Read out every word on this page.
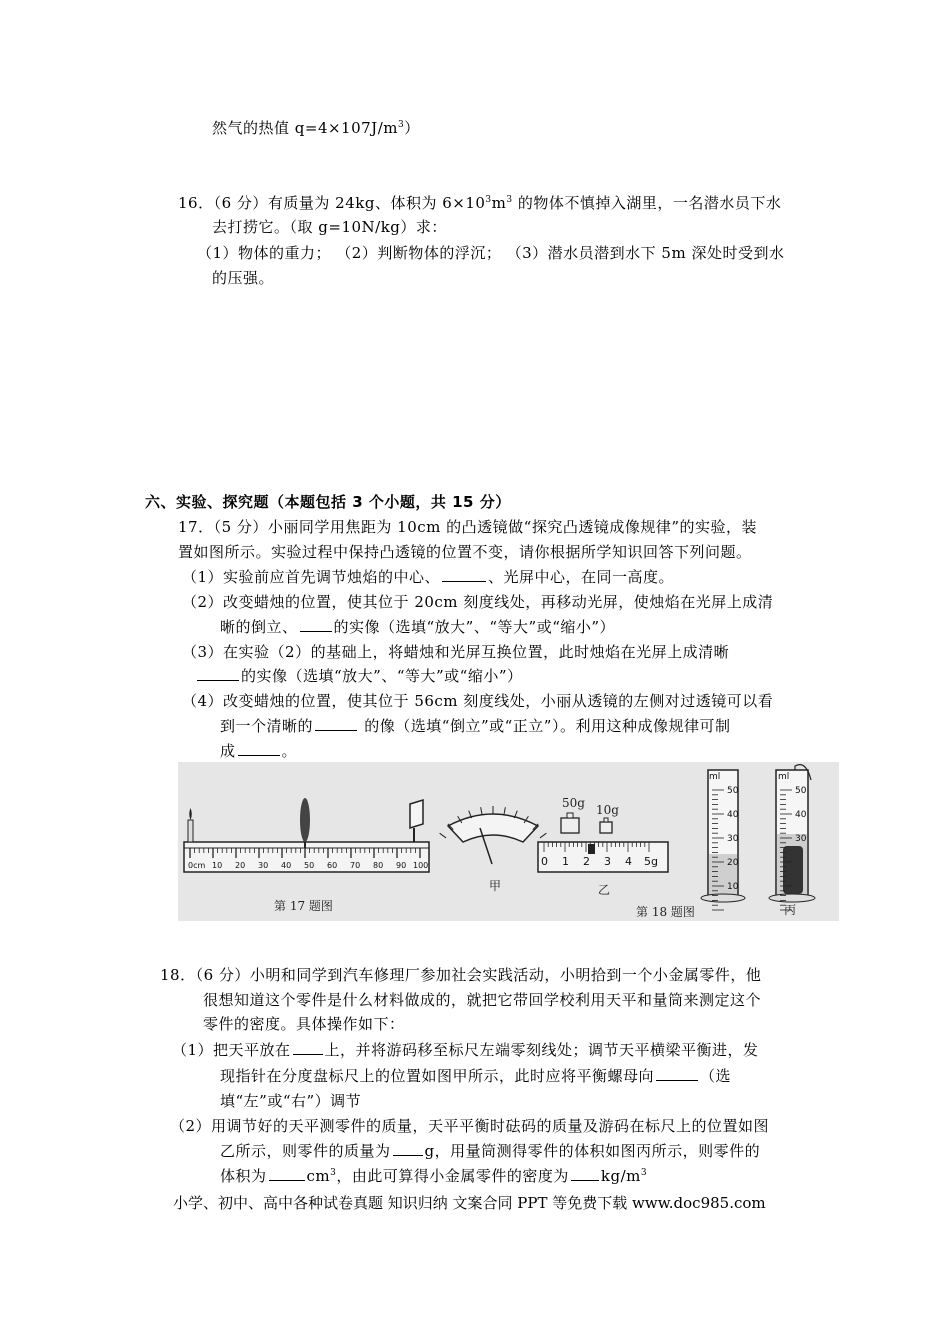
然气的热值 $q=4\times 107J/m^3$）
16．（6 分）有质量为 24kg、体积为 $6\times 10^3m^3$ 的物体不慎掉入湖里，一名潜水员下水
去打捞它。（取 g=10N/kg）求：
（1）物体的重力； （2）判断物体的浮沉； （3）潜水员潜到水下 5m 深处时受到水
的压强。
六、实验、探究题（本题包括 3 个小题，共 15 分）
17．（5 分）小丽同学用焦距为 10cm 的凸透镜做“探究凸透镜成像规律”的实验，装
置如图所示。实验过程中保持凸透镜的位置不变，请你根据所学知识回答下列问题。
（1）实验前应首先调节烛焰的中心、	、光屏中心，在同一高度。
（2）改变蜡烛的位置，使其位于 20cm 刻度线处，再移动光屏，使烛焰在光屏上成清
晰的倒立、 的实像（选填“放大”、“等大”或“缩小”）
（3）在实验（2）的基础上，将蜡烛和光屏互换位置，此时烛焰在光屏上成清晰
的实像（选填“放大”、“等大”或“缩小”）
（4）改变蜡烛的位置，使其位于 56cm 刻度线处，小丽从透镜的左侧对过透镜可以看
到一个清晰的	的像（选填“倒立”或“正立”）。利用这种成像规律可制
成	。
0cm 10 20 30 40 50 60 70 80 90 100
第 17 题图
甲
50g 10g
0 1 2 3 4 5g
乙
第 18 题图
ml
50
40
30
20
10
ml
50
40
30
丙
18．（6 分）小明和同学到汽车修理厂参加社会实践活动，小明拾到一个小金属零件，他
很想知道这个零件是什么材料做成的，就把它带回学校利用天平和量筒来测定这个
零件的密度。具体操作如下：
（1）把天平放在 上，并将游码移至标尺左端零刻线处；调节天平横梁平衡进，发
现指针在分度盘标尺上的位置如图甲所示，此时应将平衡螺母向	（选
填“左”或“右”）调节
（2）用调节好的天平测零件的质量，天平平衡时砝码的质量及游码在标尺上的位置如图
乙所示，则零件的质量为 g，用量筒测得零件的体积如图丙所示，则零件的
体积为	$cm^3$，由此可算得小金属零件的密度为 $kg/m^3$
小学、初中、高中各种试卷真题 知识归纳 文案合同 PPT 等免费下载 www.doc985.com
